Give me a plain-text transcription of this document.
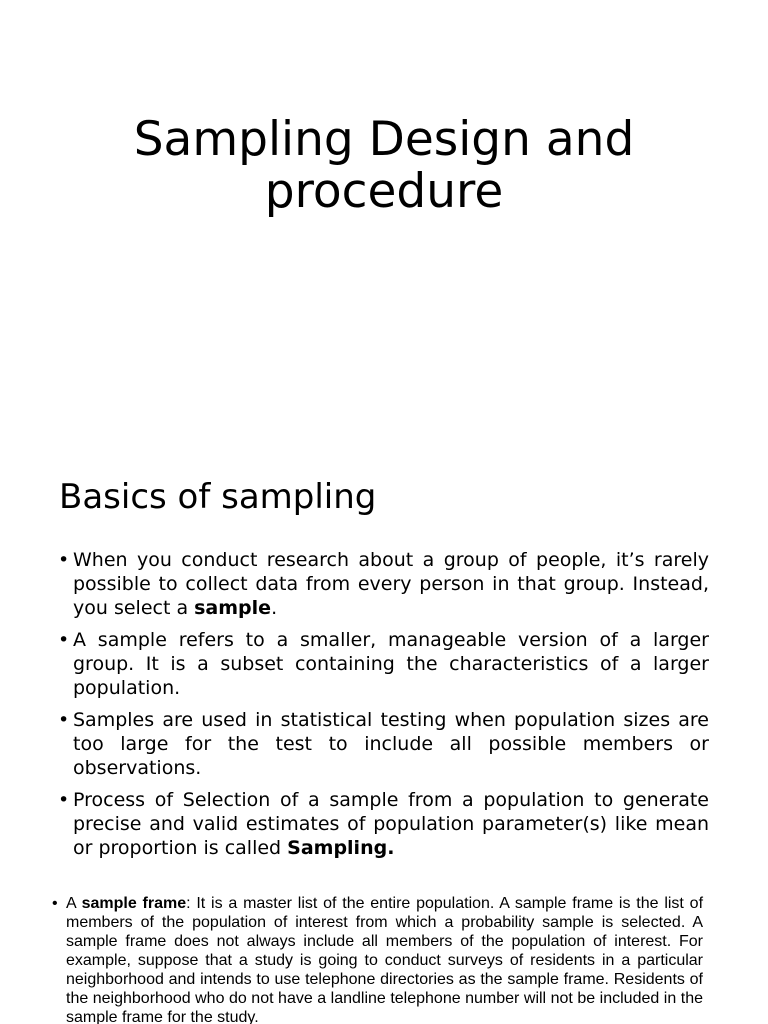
Sampling Design and
procedure
Basics of sampling
• When you conduct research about a group of people, it’s rarely possible to collect data from every person in that group. Instead, you select a sample.
• A sample refers to a smaller, manageable version of a larger group. It is a subset containing the characteristics of a larger population.
• Samples are used in statistical testing when population sizes are too large for the test to include all possible members or observations.
• Process of Selection of a sample from a population to generate precise and valid estimates of population parameter(s) like mean or proportion is called Sampling.
• A sample frame: It is a master list of the entire population. A sample frame is the list of members of the population of interest from which a probability sample is selected. A sample frame does not always include all members of the population of interest. For example, suppose that a study is going to conduct surveys of residents in a particular neighborhood and intends to use telephone directories as the sample frame. Residents of the neighborhood who do not have a landline telephone number will not be included in the sample frame for the study.
